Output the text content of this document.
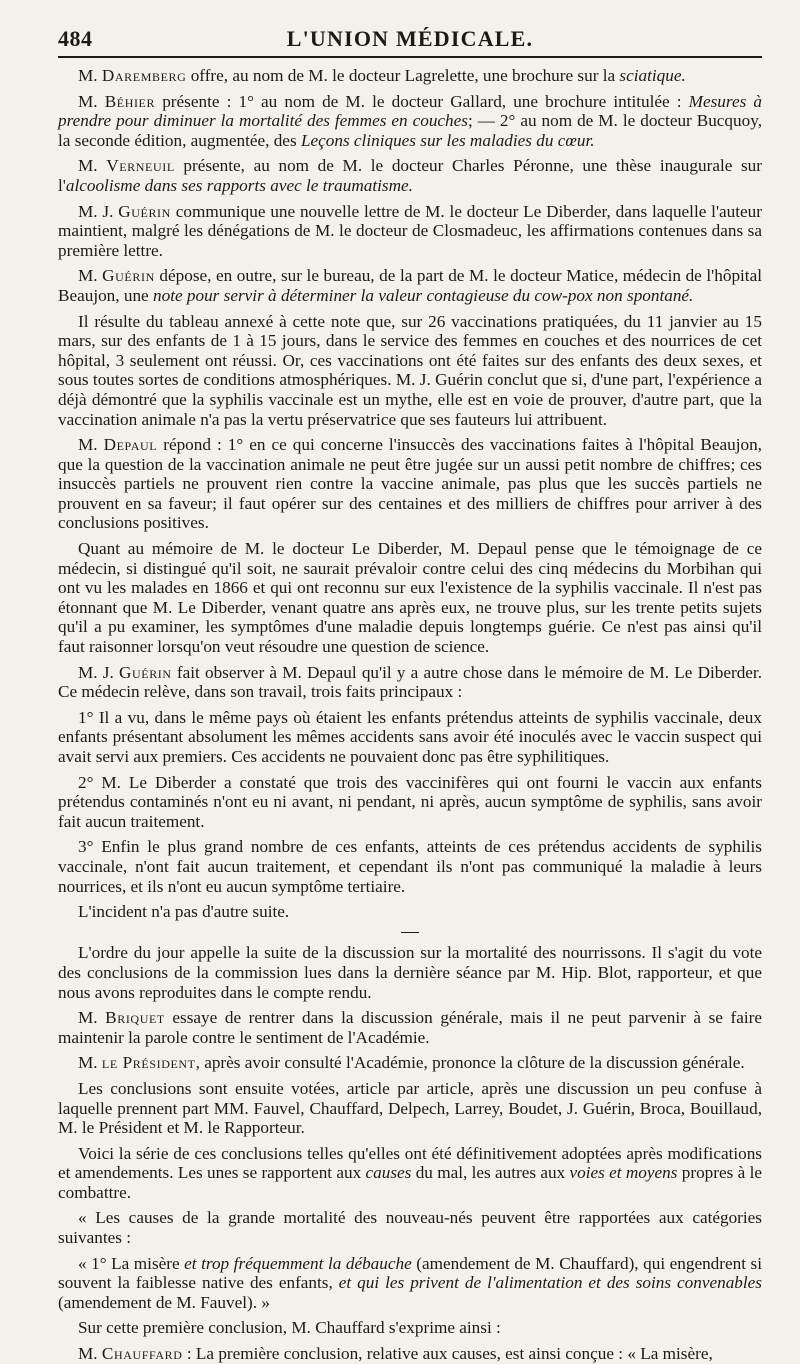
484	L'UNION MÉDICALE.

M. Daremberg offre, au nom de M. le docteur Lagrelette, une brochure sur la sciatique.

M. Béhier présente : 1° au nom de M. le docteur Gallard, une brochure intitulée : Mesures à prendre pour diminuer la mortalité des femmes en couches; — 2° au nom de M. le docteur Bucquoy, la seconde édition, augmentée, des Leçons cliniques sur les maladies du cœur.

M. Verneuil présente, au nom de M. le docteur Charles Péronne, une thèse inaugurale sur l'alcoolisme dans ses rapports avec le traumatisme.

M. J. Guérin communique une nouvelle lettre de M. le docteur Le Diberder, dans laquelle l'auteur maintient, malgré les dénégations de M. le docteur de Closmadeuc, les affirmations contenues dans sa première lettre.

M. Guérin dépose, en outre, sur le bureau, de la part de M. le docteur Matice, médecin de l'hôpital Beaujon, une note pour servir à déterminer la valeur contagieuse du cow-pox non spontané.

Il résulte du tableau annexé à cette note que, sur 26 vaccinations pratiquées, du 11 janvier au 15 mars, sur des enfants de 1 à 15 jours, dans le service des femmes en couches et des nourrices de cet hôpital, 3 seulement ont réussi. Or, ces vaccinations ont été faites sur des enfants des deux sexes, et sous toutes sortes de conditions atmosphériques. M. J. Guérin conclut que si, d'une part, l'expérience a déjà démontré que la syphilis vaccinale est un mythe, elle est en voie de prouver, d'autre part, que la vaccination animale n'a pas la vertu préservatrice que ses fauteurs lui attribuent.

M. Depaul répond : 1° en ce qui concerne l'insuccès des vaccinations faites à l'hôpital Beaujon, que la question de la vaccination animale ne peut être jugée sur un aussi petit nombre de chiffres; ces insuccès partiels ne prouvent rien contre la vaccine animale, pas plus que les succès partiels ne prouvent en sa faveur; il faut opérer sur des centaines et des milliers de chiffres pour arriver à des conclusions positives.

Quant au mémoire de M. le docteur Le Diberder, M. Depaul pense que le témoignage de ce médecin, si distingué qu'il soit, ne saurait prévaloir contre celui des cinq médecins du Morbihan qui ont vu les malades en 1866 et qui ont reconnu sur eux l'existence de la syphilis vaccinale. Il n'est pas étonnant que M. Le Diberder, venant quatre ans après eux, ne trouve plus, sur les trente petits sujets qu'il a pu examiner, les symptômes d'une maladie depuis longtemps guérie. Ce n'est pas ainsi qu'il faut raisonner lorsqu'on veut résoudre une question de science.

M. J. Guérin fait observer à M. Depaul qu'il y a autre chose dans le mémoire de M. Le Diberder. Ce médecin relève, dans son travail, trois faits principaux :

1° Il a vu, dans le même pays où étaient les enfants prétendus atteints de syphilis vaccinale, deux enfants présentant absolument les mêmes accidents sans avoir été inoculés avec le vaccin suspect qui avait servi aux premiers. Ces accidents ne pouvaient donc pas être syphilitiques.

2° M. Le Diberder a constaté que trois des vaccinifères qui ont fourni le vaccin aux enfants prétendus contaminés n'ont eu ni avant, ni pendant, ni après, aucun symptôme de syphilis, sans avoir fait aucun traitement.

3° Enfin le plus grand nombre de ces enfants, atteints de ces prétendus accidents de syphilis vaccinale, n'ont fait aucun traitement, et cependant ils n'ont pas communiqué la maladie à leurs nourrices, et ils n'ont eu aucun symptôme tertiaire.

L'incident n'a pas d'autre suite.

L'ordre du jour appelle la suite de la discussion sur la mortalité des nourrissons. Il s'agit du vote des conclusions de la commission lues dans la dernière séance par M. Hip. Blot, rapporteur, et que nous avons reproduites dans le compte rendu.

M. Briquet essaye de rentrer dans la discussion générale, mais il ne peut parvenir à se faire maintenir la parole contre le sentiment de l'Académie.

M. le Président, après avoir consulté l'Académie, prononce la clôture de la discussion générale.

Les conclusions sont ensuite votées, article par article, après une discussion un peu confuse à laquelle prennent part MM. Fauvel, Chauffard, Delpech, Larrey, Boudet, J. Guérin, Broca, Bouillaud, M. le Président et M. le Rapporteur.

Voici la série de ces conclusions telles qu'elles ont été définitivement adoptées après modifications et amendements. Les unes se rapportent aux causes du mal, les autres aux voies et moyens propres à le combattre.

« Les causes de la grande mortalité des nouveau-nés peuvent être rapportées aux catégories suivantes :

« 1° La misère et trop fréquemment la débauche (amendement de M. Chauffard), qui engendrent si souvent la faiblesse native des enfants, et qui les privent de l'alimentation et des soins convenables (amendement de M. Fauvel). »

Sur cette première conclusion, M. Chauffard s'exprime ainsi :

M. Chauffard : La première conclusion, relative aux causes, est ainsi conçue : « La misère,
